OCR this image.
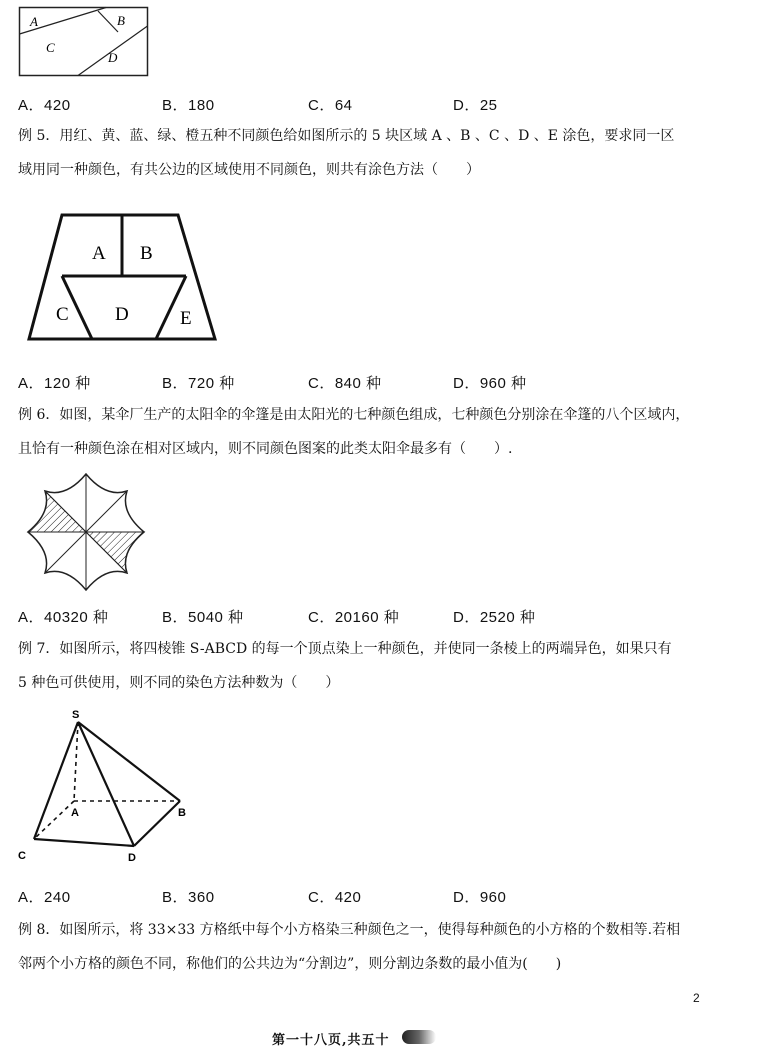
A	B
C
D
A．420	B．180	C．64	D．25
例 5．用红、黄、蓝、绿、橙五种不同颜色给如图所示的 5 块区域 A 、B 、C 、D 、E 涂色，要求同一区
域用同一种颜色，有共公边的区域使用不同颜色，则共有涂色方法（　　）
A B
C D	E
A．120 种	B．720 种	C．840 种	D．960 种
例 6．如图，某伞厂生产的太阳伞的伞篷是由太阳光的七种颜色组成，七种颜色分别涂在伞篷的八个区域内，
且恰有一种颜色涂在相对区域内，则不同颜色图案的此类太阳伞最多有（　　）.
A．40320 种	B．5040 种	C．20160 种	D．2520 种
例 7．如图所示，将四棱锥 S-ABCD 的每一个顶点染上一种颜色，并使同一条棱上的两端异色，如果只有
5 种色可供使用，则不同的染色方法种数为（　　）
S
A	B
C	D
A．240	B．360	C．420	D．960
例 8．如图所示，将 33×33 方格纸中每个小方格染三种颜色之一，使得每种颜色的小方格的个数相等.若相
邻两个小方格的颜色不同，称他们的公共边为“分割边”，则分割边条数的最小值为(　　)
2
第一十八页,共五十
